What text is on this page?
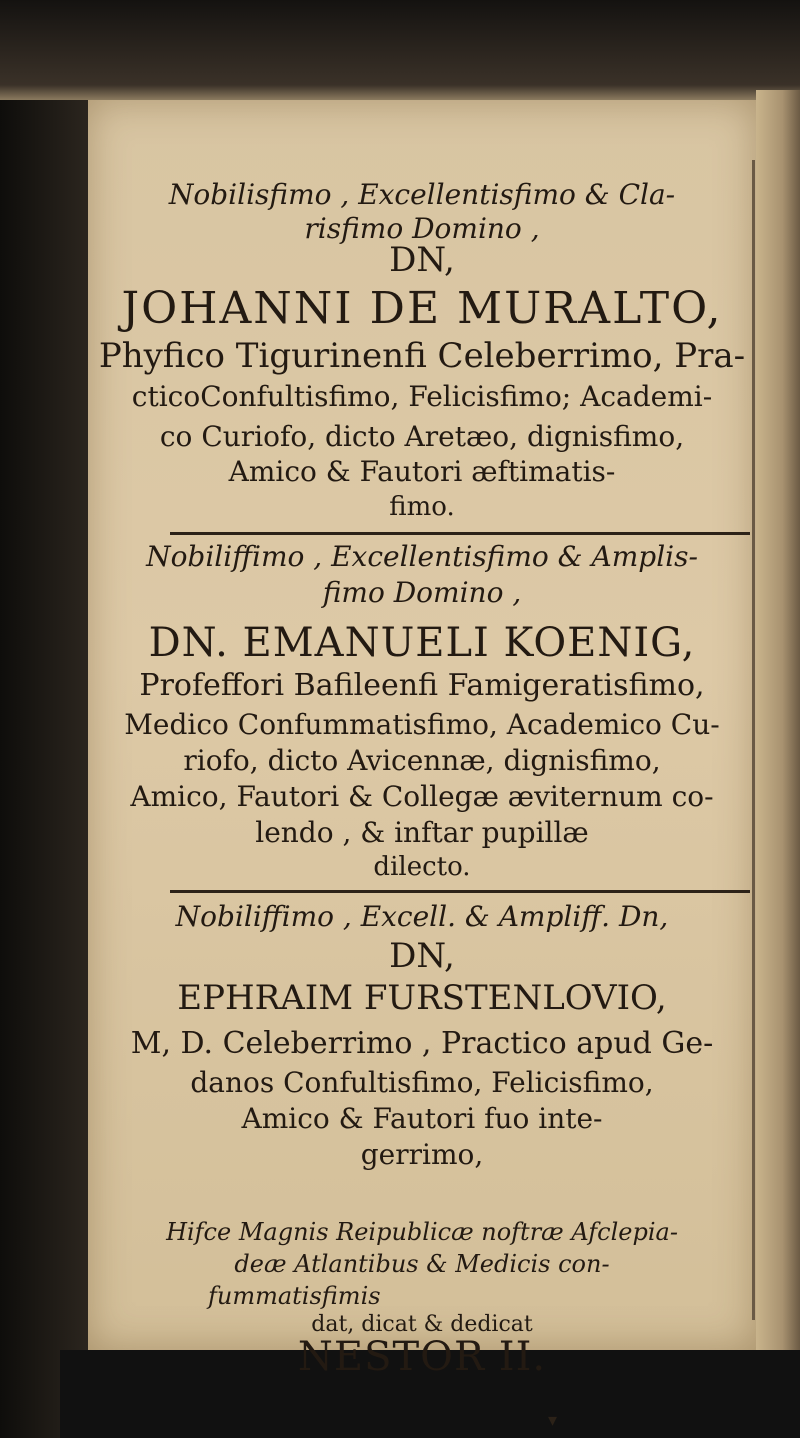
Nobilisfimo , Excellentisfimo & Cla-
risfimo Domino ,
DN,
JOHANNI DE MURALTO,
Phyfico Tigurinenfi Celeberrimo, Pra-
cticoConfultisfimo, Felicisfimo; Academi-
co Curiofo, dicto Aretæo, dignisfimo,
Amico & Fautori æftimatis-
fimo.
Nobiliffimo , Excellentisfimo & Amplis-
fimo Domino ,
DN. EMANUELI KOENIG,
Profeffori Bafileenfi Famigeratisfimo,
Medico Confummatisfimo, Academico Cu-
riofo, dicto Avicennæ, dignisfimo,
Amico, Fautori & Collegæ æviternum co-
lendo , & inftar pupillæ
dilecto.
Nobiliffimo , Excell. & Ampliff. Dn,
DN,
EPHRAIM FURSTENLOVIO,
M, D. Celeberrimo , Practico apud Ge-
danos Confultisfimo, Felicisfimo,
Amico & Fautori fuo inte-
gerrimo,
Hifce Magnis Reipublicæ noftræ Afclepia-
deæ Atlantibus & Medicis con-
fummatisfimis
dat, dicat & dedicat
NESTOR II.
▾
